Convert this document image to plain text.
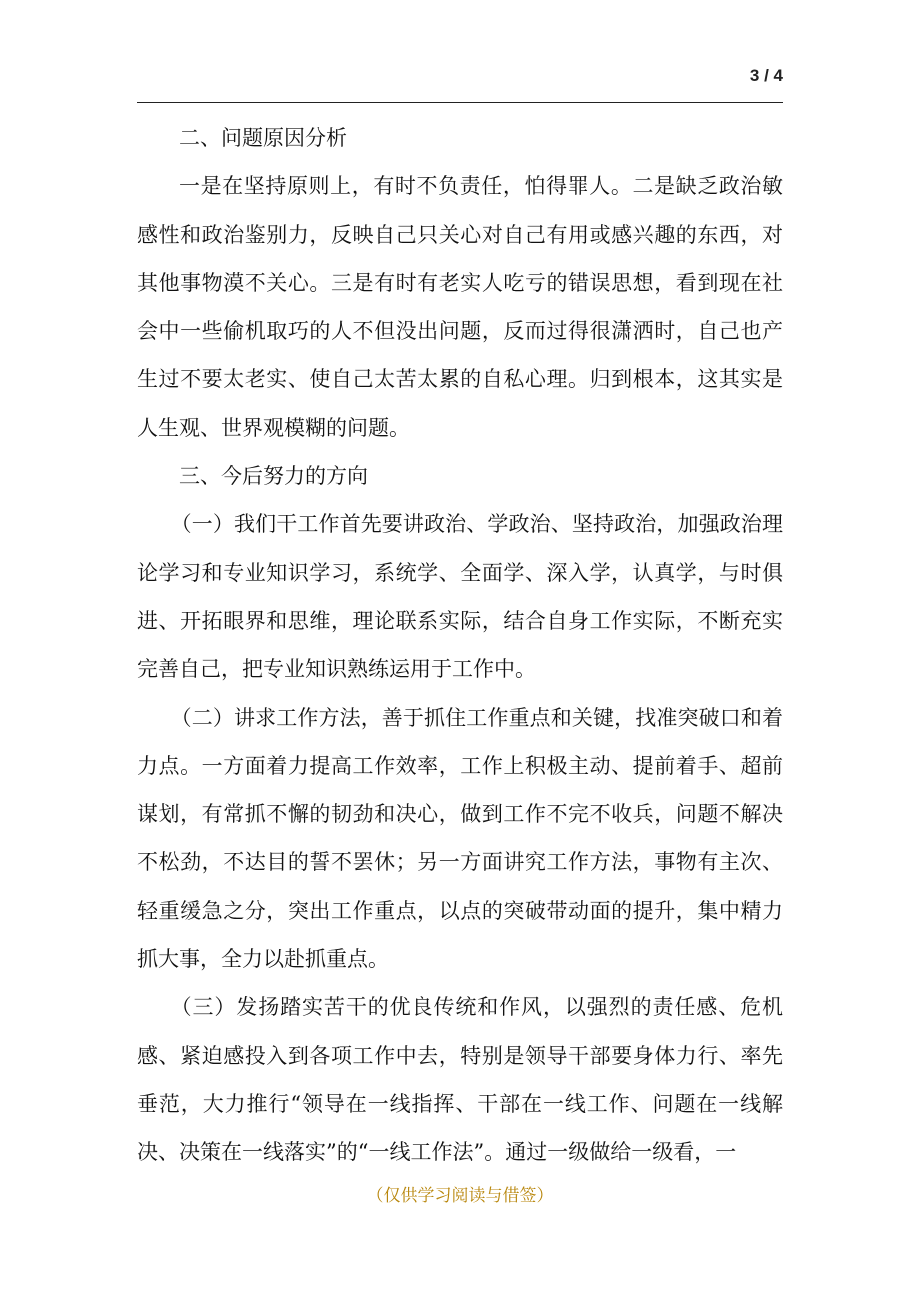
3 / 4

二、问题原因分析

一是在坚持原则上，有时不负责任，怕得罪人。二是缺乏政治敏感性和政治鉴别力，反映自己只关心对自己有用或感兴趣的东西，对其他事物漠不关心。三是有时有老实人吃亏的错误思想，看到现在社会中一些偷机取巧的人不但没出问题，反而过得很潇洒时，自己也产生过不要太老实、使自己太苦太累的自私心理。归到根本，这其实是人生观、世界观模糊的问题。

三、今后努力的方向

（一）我们干工作首先要讲政治、学政治、坚持政治，加强政治理论学习和专业知识学习，系统学、全面学、深入学，认真学，与时俱进、开拓眼界和思维，理论联系实际，结合自身工作实际，不断充实完善自己，把专业知识熟练运用于工作中。

（二）讲求工作方法，善于抓住工作重点和关键，找准突破口和着力点。一方面着力提高工作效率，工作上积极主动、提前着手、超前谋划，有常抓不懈的韧劲和决心，做到工作不完不收兵，问题不解决不松劲，不达目的誓不罢休；另一方面讲究工作方法，事物有主次、轻重缓急之分，突出工作重点，以点的突破带动面的提升，集中精力抓大事，全力以赴抓重点。

（三）发扬踏实苦干的优良传统和作风，以强烈的责任感、危机感、紧迫感投入到各项工作中去，特别是领导干部要身体力行、率先垂范，大力推行“领导在一线指挥、干部在一线工作、问题在一线解决、决策在一线落实”的“一线工作法”。通过一级做给一级看，一

（仅供学习阅读与借签）
